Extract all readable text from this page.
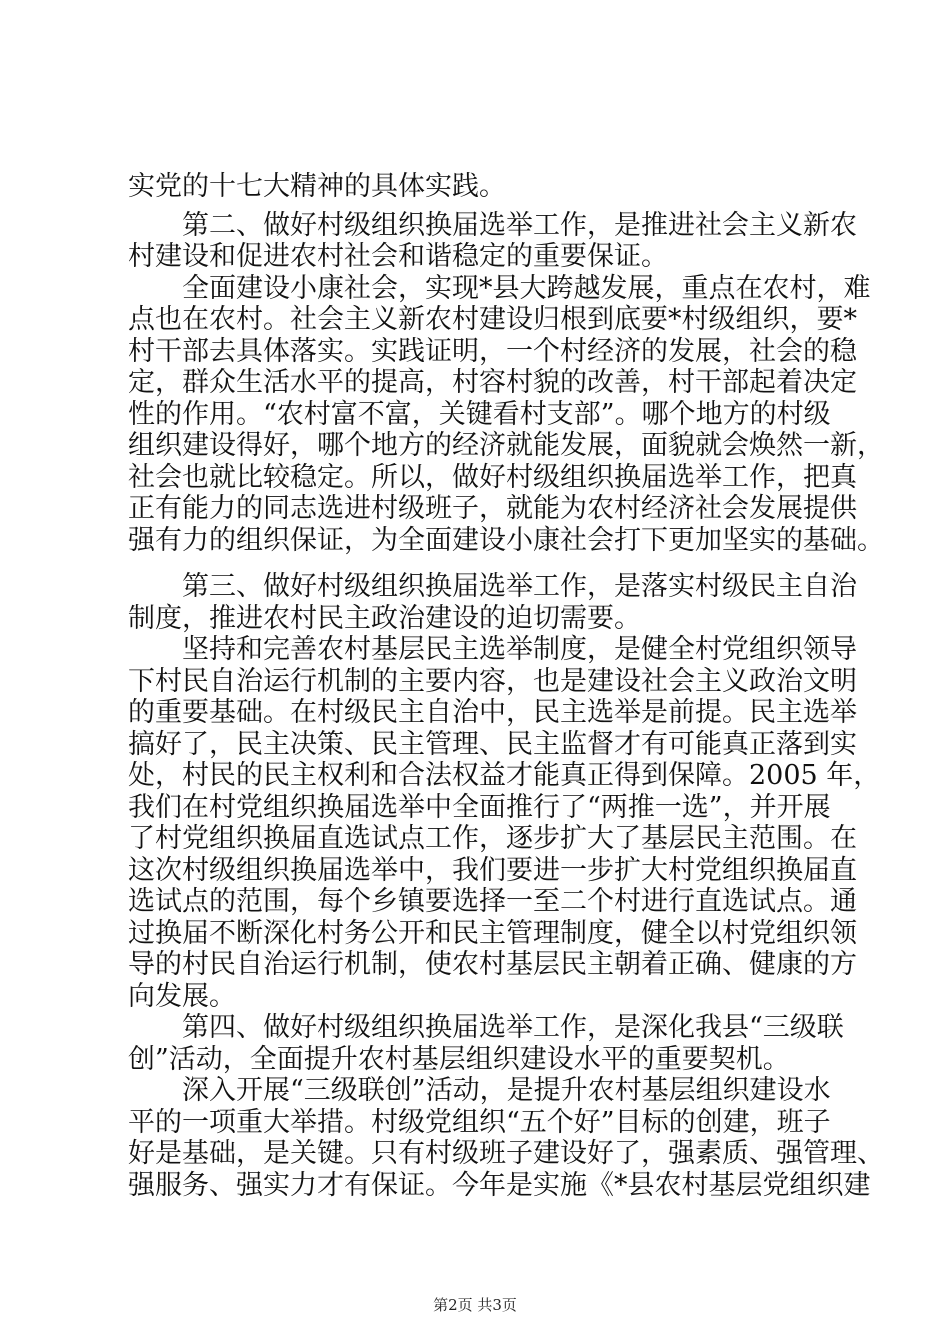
实党的十七大精神的具体实践。
第二、做好村级组织换届选举工作，是推进社会主义新农
村建设和促进农村社会和谐稳定的重要保证。
全面建设小康社会，实现*县大跨越发展，重点在农村，难
点也在农村。社会主义新农村建设归根到底要*村级组织，要*
村干部去具体落实。实践证明，一个村经济的发展，社会的稳
定，群众生活水平的提高，村容村貌的改善，村干部起着决定
性的作用。“农村富不富，关键看村支部”。哪个地方的村级
组织建设得好，哪个地方的经济就能发展，面貌就会焕然一新，
社会也就比较稳定。所以，做好村级组织换届选举工作，把真
正有能力的同志选进村级班子，就能为农村经济社会发展提供
强有力的组织保证，为全面建设小康社会打下更加坚实的基础。
第三、做好村级组织换届选举工作，是落实村级民主自治
制度，推进农村民主政治建设的迫切需要。
坚持和完善农村基层民主选举制度，是健全村党组织领导
下村民自治运行机制的主要内容，也是建设社会主义政治文明
的重要基础。在村级民主自治中，民主选举是前提。民主选举
搞好了，民主决策、民主管理、民主监督才有可能真正落到实
处，村民的民主权利和合法权益才能真正得到保障。2005 年，
我们在村党组织换届选举中全面推行了“两推一选”，并开展
了村党组织换届直选试点工作，逐步扩大了基层民主范围。在
这次村级组织换届选举中，我们要进一步扩大村党组织换届直
选试点的范围，每个乡镇要选择一至二个村进行直选试点。通
过换届不断深化村务公开和民主管理制度，健全以村党组织领
导的村民自治运行机制，使农村基层民主朝着正确、健康的方
向发展。
第四、做好村级组织换届选举工作，是深化我县“三级联
创”活动，全面提升农村基层组织建设水平的重要契机。
深入开展“三级联创”活动，是提升农村基层组织建设水
平的一项重大举措。村级党组织“五个好”目标的创建，班子
好是基础，是关键。只有村级班子建设好了，强素质、强管理、
强服务、强实力才有保证。今年是实施《*县农村基层党组织建
第2页 共3页
